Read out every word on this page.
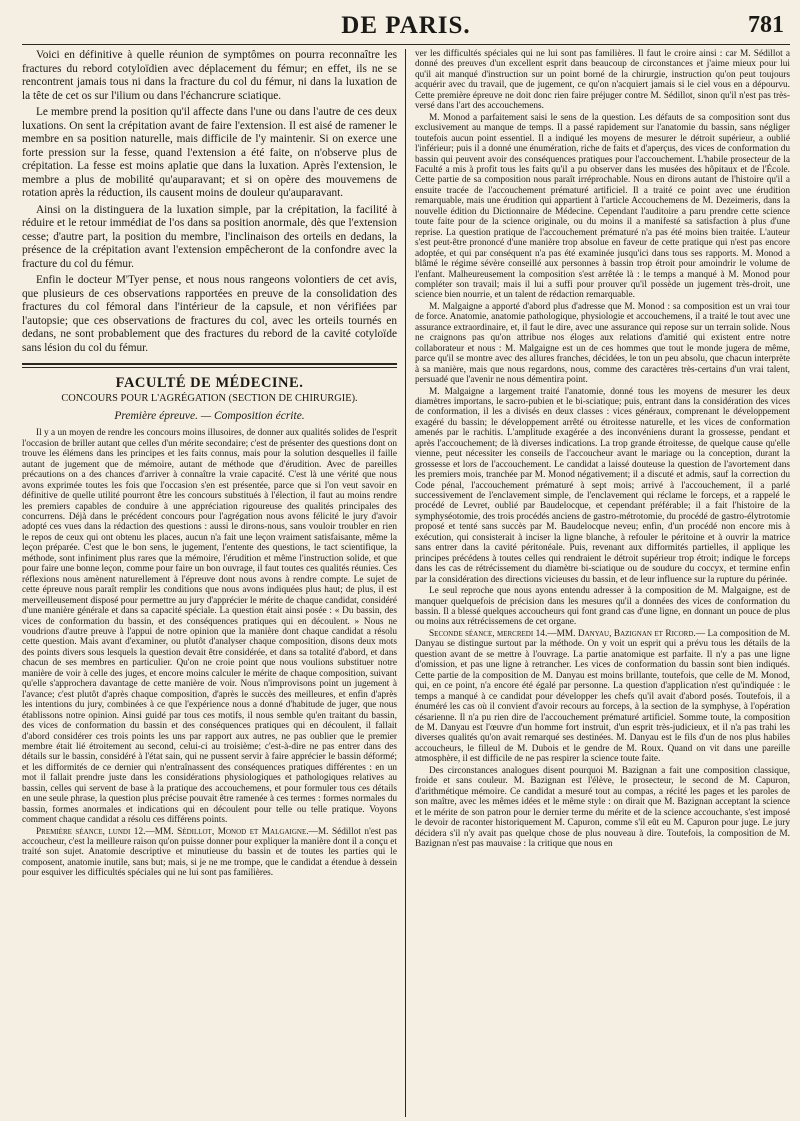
DE PARIS.	781

Voici en définitive à quelle réunion de symptômes on pourra reconnaître les fractures du rebord cotyloïdien avec déplacement du fémur; en effet, ils ne se rencontrent jamais tous ni dans la fracture du col du fémur, ni dans la luxation de la tête de cet os sur l'ilium ou dans l'échancrure sciatique.

Le membre prend la position qu'il affecte dans l'une ou dans l'autre de ces deux luxations. On sent la crépitation avant de faire l'extension. Il est aisé de ramener le membre en sa position naturelle, mais difficile de l'y maintenir. Si on exerce une forte pression sur la fesse, quand l'extension a été faite, on n'observe plus de crépitation. La fesse est moins aplatie que dans la luxation. Après l'extension, le membre a plus de mobilité qu'auparavant; et si on opère des mouvemens de rotation après la réduction, ils causent moins de douleur qu'auparavant.

Ainsi on la distinguera de la luxation simple, par la crépitation, la facilité à réduire et le retour immédiat de l'os dans sa position anormale, dès que l'extension cesse; d'autre part, la position du membre, l'inclinaison des orteils en dedans, la présence de la crépitation avant l'extension empêcheront de la confondre avec la fracture du col du fémur.

Enfin le docteur M'Tyer pense, et nous nous rangeons volontiers de cet avis, que plusieurs de ces observations rapportées en preuve de la consolidation des fractures du col fémoral dans l'intérieur de la capsule, et non vérifiées par l'autopsie; que ces observations de fractures du col, avec les orteils tournés en dedans, ne sont probablement que des fractures du rebord de la cavité cotyloïde sans lésion du col du fémur.

FACULTÉ DE MÉDECINE.
CONCOURS POUR L'AGRÉGATION (SECTION DE CHIRURGIE).
Première épreuve. — Composition écrite.

Il y a un moyen de rendre les concours moins illusoires, de donner aux qualités solides de l'esprit l'occasion de briller autant que celles d'un mérite secondaire; c'est de présenter des questions dont on trouve les élémens dans les principes et les faits connus, mais pour la solution desquelles il faille autant de jugement que de mémoire, autant de méthode que d'érudition. Avec de pareilles précautions on a des chances d'arriver à connaître la vraie capacité. C'est là une vérité que nous avons exprimée toutes les fois que l'occasion s'en est présentée, parce que si l'on veut savoir en définitive de quelle utilité pourront être les concours substitués à l'élection, il faut au moins rendre les premiers capables de conduire à une appréciation rigoureuse des qualités principales des concurrens. Déjà dans le précédent concours pour l'agrégation nous avons félicité le jury d'avoir adopté ces vues dans la rédaction des questions : aussi le dirons-nous, sans vouloir troubler en rien le repos de ceux qui ont obtenu les places, aucun n'a fait une leçon vraiment satisfaisante, même la leçon préparée. C'est que le bon sens, le jugement, l'entente des questions, le tact scientifique, la méthode, sont infiniment plus rares que la mémoire, l'érudition et même l'instruction solide, et que pour faire une bonne leçon, comme pour faire un bon ouvrage, il faut toutes ces qualités réunies. Ces réflexions nous amènent naturellement à l'épreuve dont nous avons à rendre compte. Le sujet de cette épreuve nous paraît remplir les conditions que nous avons indiquées plus haut; de plus, il est merveilleusement disposé pour permettre au jury d'apprécier le mérite de chaque candidat, considéré d'une manière générale et dans sa capacité spéciale. La question était ainsi posée : « Du bassin, des vices de conformation du bassin, et des conséquences pratiques qui en découlent. » Nous ne voudrions d'autre preuve à l'appui de notre opinion que la manière dont chaque candidat a résolu cette question. Mais avant d'examiner, ou plutôt d'analyser chaque composition, disons deux mots des points divers sous lesquels la question devait être considérée, et dans sa totalité d'abord, et dans chacun de ses membres en particulier. Qu'on ne croie point que nous voulions substituer notre manière de voir à celle des juges, et encore moins calculer le mérite de chaque composition, suivant qu'elle s'approchera davantage de cette manière de voir. Nous n'improvisons point un jugement à l'avance; c'est plutôt d'après chaque composition, d'après le succès des meilleures, et enfin d'après les intentions du jury, combinées à ce que l'expérience nous a donné d'habitude de juger, que nous établissons notre opinion. Ainsi guidé par tous ces motifs, il nous semble qu'en traitant du bassin, des vices de conformation du bassin et des conséquences pratiques qui en découlent, il fallait d'abord considérer ces trois points les uns par rapport aux autres, ne pas oublier que le premier membre était lié étroitement au second, celui-ci au troisième; c'est-à-dire ne pas entrer dans des détails sur le bassin, considéré à l'état sain, qui ne pussent servir à faire apprécier le bassin déformé; et les difformités de ce dernier qui n'entraînassent des conséquences pratiques différentes : en un mot il fallait prendre juste dans les considérations physiologiques et pathologiques relatives au bassin, celles qui servent de base à la pratique des accouchemens, et pour formuler tous ces détails en une seule phrase, la question plus précise pouvait être ramenée à ces termes : formes normales du bassin, formes anormales et indications qui en découlent pour telle ou telle pratique. Voyons comment chaque candidat a résolu ces différens points.

Première séance, lundi 12.—MM. Sédillot, Monod et Malgaigne.—M. Sédillot n'est pas accoucheur, c'est la meilleure raison qu'on puisse donner pour expliquer la manière dont il a conçu et traité son sujet. Anatomie descriptive et minutieuse du bassin et de toutes les parties qui le composent, anatomie inutile, sans but; mais, si je ne me trompe, que le candidat a étendue à dessein pour esquiver les difficultés spéciales qui ne lui sont pas familières.

ver les difficultés spéciales qui ne lui sont pas familières. Il faut le croire ainsi : car M. Sédillot a donné des preuves d'un excellent esprit dans beaucoup de circonstances et j'aime mieux pour lui qu'il ait manqué d'instruction sur un point borné de la chirurgie, instruction qu'on peut toujours acquérir avec du travail, que de jugement, ce qu'on n'acquiert jamais si le ciel vous en a dépourvu. Cette première épreuve ne doit donc rien faire préjuger contre M. Sédillot, sinon qu'il n'est pas très-versé dans l'art des accouchemens.

M. Monod a parfaitement saisi le sens de la question. Les défauts de sa composition sont dus exclusivement au manque de temps. Il a passé rapidement sur l'anatomie du bassin, sans négliger toutefois aucun point essentiel. Il a indiqué les moyens de mesurer le détroit supérieur, a oublié l'inférieur; puis il a donné une énumération, riche de faits et d'aperçus, des vices de conformation du bassin qui peuvent avoir des conséquences pratiques pour l'accouchement. L'habile prosecteur de la Faculté a mis à profit tous les faits qu'il a pu observer dans les musées des hôpitaux et de l'École. Cette partie de sa composition nous paraît irréprochable. Nous en dirons autant de l'histoire qu'il a ensuite tracée de l'accouchement prématuré artificiel. Il a traité ce point avec une érudition remarquable, mais une érudition qui appartient à l'article Accouchemens de M. Dezeimeris, dans la nouvelle édition du Dictionnaire de Médecine. Cependant l'auditoire a paru prendre cette science toute faite pour de la science originale, ou du moins il a manifesté sa satisfaction à plus d'une reprise. La question pratique de l'accouchement prématuré n'a pas été moins bien traitée. L'auteur s'est peut-être prononcé d'une manière trop absolue en faveur de cette pratique qui n'est pas encore adoptée, et qui par conséquent n'a pas été examinée jusqu'ici dans tous ses rapports. M. Monod a blâmé le régime sévère conseillé aux personnes à bassin trop étroit pour amoindrir le volume de l'enfant. Malheureusement la composition s'est arrêtée là : le temps a manqué à M. Monod pour compléter son travail; mais il lui a suffi pour prouver qu'il possède un jugement très-droit, une science bien nourrie, et un talent de rédaction remarquable.

M. Malgaigne a apporté d'abord plus d'adresse que M. Monod : sa composition est un vrai tour de force. Anatomie, anatomie pathologique, physiologie et accouchemens, il a traité le tout avec une assurance extraordinaire, et, il faut le dire, avec une assurance qui repose sur un terrain solide. Nous ne craignons pas qu'on attribue nos éloges aux relations d'amitié qui existent entre notre collaborateur et nous : M. Malgaigne est un de ces hommes que tout le monde jugera de même, parce qu'il se montre avec des allures franches, décidées, le ton un peu absolu, que chacun interprète à sa manière, mais que nous regardons, nous, comme des caractères très-certains d'un vrai talent, persuadé que l'avenir ne nous démentira point.

M. Malgaigne a largement traité l'anatomie, donné tous les moyens de mesurer les deux diamètres importans, le sacro-pubien et le bi-sciatique; puis, entrant dans la considération des vices de conformation, il les a divisés en deux classes : vices généraux, comprenant le développement exagéré du bassin; le développement arrêté ou étroitesse naturelle, et les vices de conformation amenés par le rachitis. L'amplitude exagérée a des inconvéniens durant la grossesse, pendant et après l'accouchement; de là diverses indications. La trop grande étroitesse, de quelque cause qu'elle vienne, peut nécessiter les conseils de l'accoucheur avant le mariage ou la conception, durant la grossesse et lors de l'accouchement. Le candidat a laissé douteuse la question de l'avortement dans les premiers mois, tranchée par M. Monod négativement; il a discuté et admis, sauf la correction du Code pénal, l'accouchement prématuré à sept mois; arrivé à l'accouchement, il a parlé successivement de l'enclavement simple, de l'enclavement qui réclame le forceps, et a rappelé le procédé de Levret, oublié par Baudelocque, et cependant préférable; il a fait l'histoire de la symphyséotomie, des trois procédés anciens de gastro-métrotomie, du procédé de gastro-élytrotomie proposé et tenté sans succès par M. Baudelocque neveu; enfin, d'un procédé non encore mis à exécution, qui consisterait à inciser la ligne blanche, à refouler le péritoine et à ouvrir la matrice sans entrer dans la cavité péritonéale. Puis, revenant aux difformités partielles, il applique les principes précédens à toutes celles qui rendraient le détroit supérieur trop étroit; indique le forceps dans les cas de rétrécissement du diamètre bi-sciatique ou de soudure du coccyx, et termine enfin par la considération des directions vicieuses du bassin, et de leur influence sur la rupture du périnée.

Le seul reproche que nous ayons entendu adresser à la composition de M. Malgaigne, est de manquer quelquefois de précision dans les mesures qu'il a données des vices de conformation du bassin. Il a blessé quelques accoucheurs qui font grand cas d'une ligne, en donnant un pouce de plus ou moins aux rétrécissemens de cet organe.

Seconde séance, mercredi 14.—MM. Danyau, Bazignan et Ricord.— La composition de M. Danyau se distingue surtout par la méthode. On y voit un esprit qui a prévu tous les détails de la question avant de se mettre à l'ouvrage. La partie anatomique est parfaite. Il n'y a pas une ligne d'omission, et pas une ligne à retrancher. Les vices de conformation du bassin sont bien indiqués. Cette partie de la composition de M. Danyau est moins brillante, toutefois, que celle de M. Monod, qui, en ce point, n'a encore été égalé par personne. La question d'application n'est qu'indiquée : le temps a manqué à ce candidat pour développer les chefs qu'il avait d'abord posés. Toutefois, il a énuméré les cas où il convient d'avoir recours au forceps, à la section de la symphyse, à l'opération césarienne. Il n'a pu rien dire de l'accouchement prématuré artificiel. Somme toute, la composition de M. Danyau est l'œuvre d'un homme fort instruit, d'un esprit très-judicieux, et il n'a pas trahi les diverses qualités qu'on avait remarqué ses destinées. M. Danyau est le fils d'un de nos plus habiles accoucheurs, le filleul de M. Dubois et le gendre de M. Roux. Quand on vit dans une pareille atmosphère, il est difficile de ne pas respirer la science toute faite.

Des circonstances analogues disent pourquoi M. Bazignan a fait une composition classique, froide et sans couleur. M. Bazignan est l'élève, le prosecteur, le second de M. Capuron, d'arithmétique mémoire. Ce candidat a mesuré tout au compas, a récité les pages et les paroles de son maître, avec les mêmes idées et le même style : on dirait que M. Bazignan acceptant la science et le mérite de son patron pour le dernier terme du mérite et de la science accouchante, s'est imposé le devoir de raconter historiquement M. Capuron, comme s'il eût eu M. Capuron pour juge. Le jury décidera s'il n'y avait pas quelque chose de plus nouveau à dire. Toutefois, la composition de M. Bazignan n'est pas mauvaise : la critique que nous en
